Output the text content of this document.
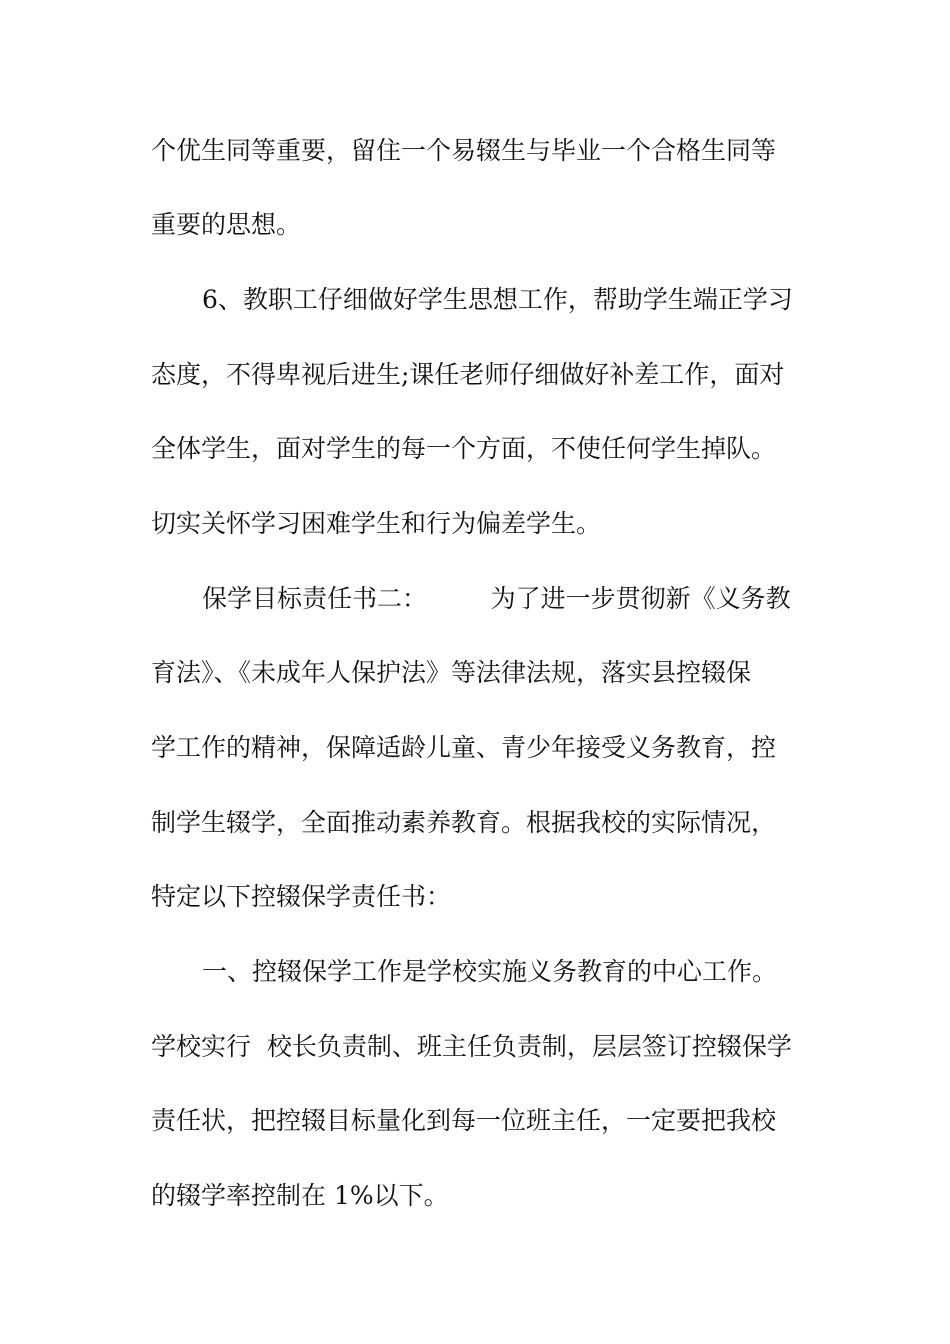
个优生同等重要，留住一个易辍生与毕业一个合格生同等
重要的思想。
6、教职工仔细做好学生思想工作，帮助学生端正学习
态度，不得卑视后进生;课任老师仔细做好补差工作，面对
全体学生，面对学生的每一个方面，不使任何学生掉队。
切实关怀学习困难学生和行为偏差学生。
保学目标责任书二：        为了进一步贯彻新《义务教
育法》、《未成年人保护法》等法律法规，落实县控辍保
学工作的精神，保障适龄儿童、青少年接受义务教育，控
制学生辍学，全面推动素养教育。根据我校的实际情况，
特定以下控辍保学责任书：
一、控辍保学工作是学校实施义务教育的中心工作。
学校实行  校长负责制、班主任负责制，层层签订控辍保学
责任状，把控辍目标量化到每一位班主任，一定要把我校
的辍学率控制在 1%以下。
